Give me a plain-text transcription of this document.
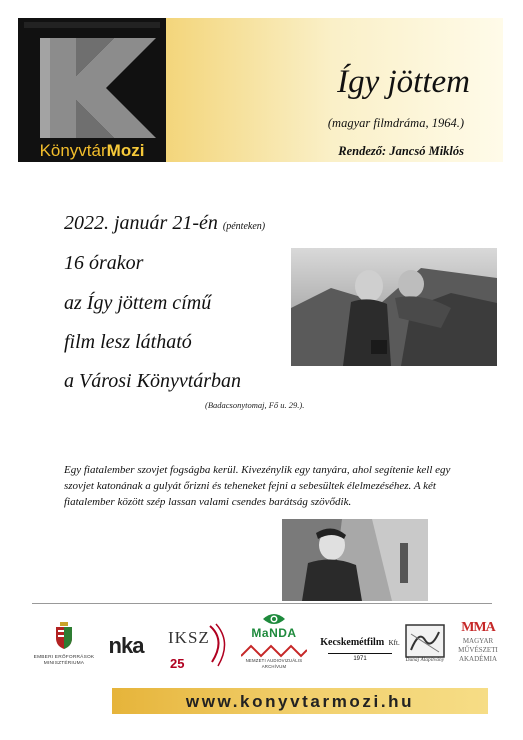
KönyvtárMozi
Így jöttem
(magyar filmdráma, 1964.)
Rendező: Jancsó Miklós
2022. január 21-én (pénteken)
16 órakor
az Így jöttem című
film lesz látható
a Városi Könyvtárban
(Badacsonytomaj, Fő u. 29.).
Egy fiatalember szovjet fogságba kerül. Kivezénylik egy tanyára, ahol segítenie kell egy szovjet katonának a gulyát őrizni és teheneket fejni a sebesültek élelmezéséhez. A két fiatalember között szép lassan valami csendes barátság szövődik.
EMBERI ERŐFORRÁSOK
MINISZTÉRIUMA
nka	IKSZ
25
MaNDA
NEMZETI AUDIOVIZUÁLIS ARCHÍVUM
Kecskemétfilm Kft.
1971	Dunaj Alapítvány
MMA
MAGYAR
MŰVÉSZETI
AKADÉMIA
www.konyvtarmozi.hu
